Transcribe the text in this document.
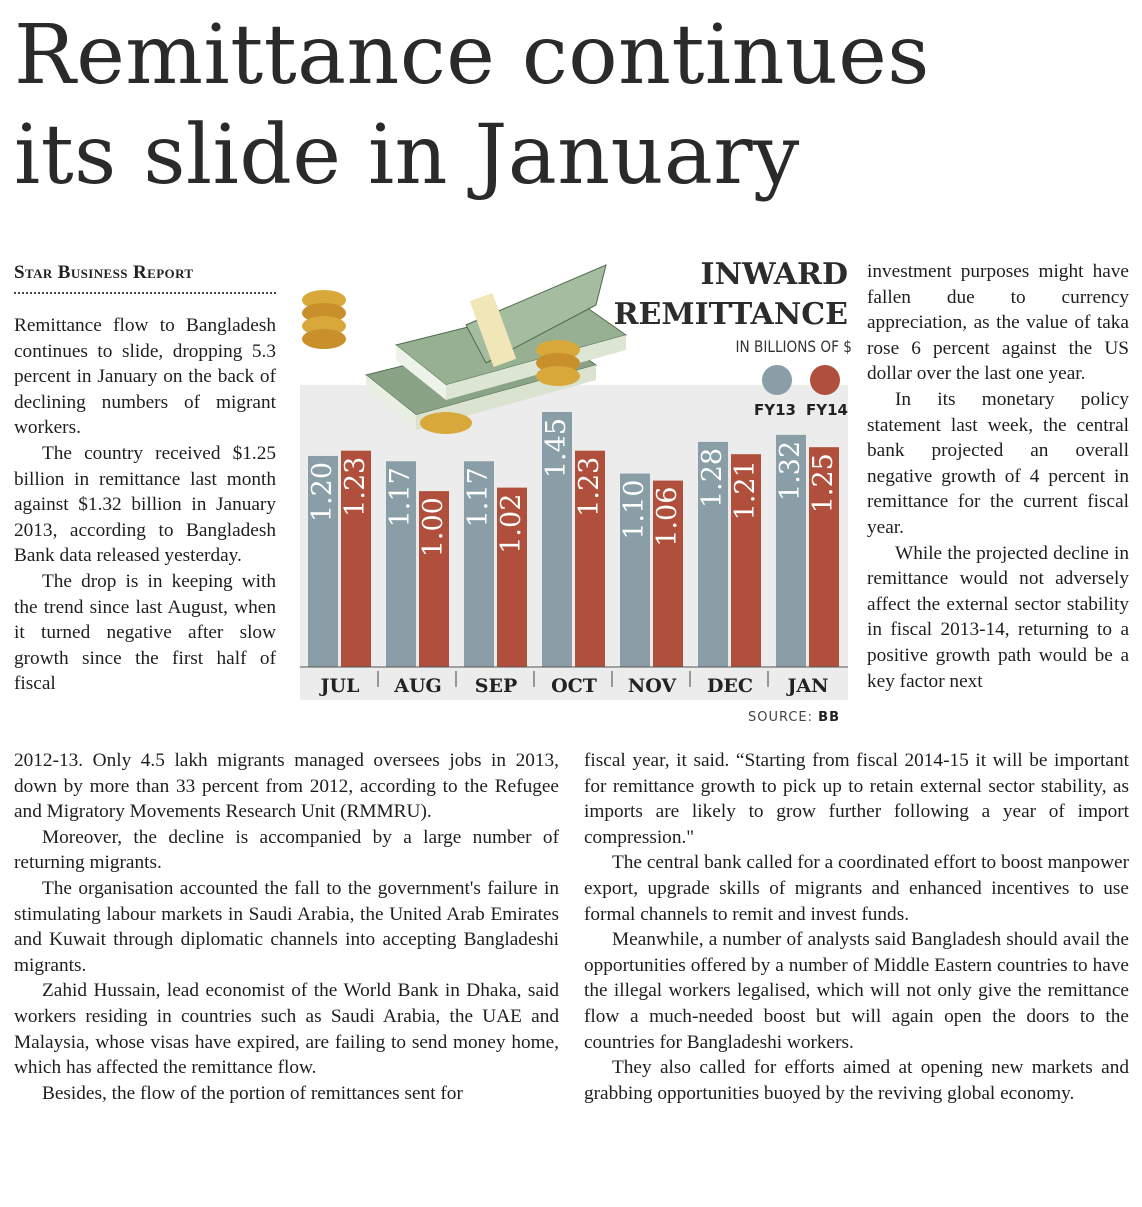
Remittance continues
its slide in January
Star Business Report

Remittance flow to Bangladesh continues to slide, dropping 5.3 percent in January on the back of declining numbers of migrant workers.

The country received $1.25 billion in remittance last month against $1.32 billion in January 2013, according to Bangladesh Bank data released yesterday.

The drop is in keeping with the trend since last August, when it turned negative after slow growth since the first half of fiscal

2012-13. Only 4.5 lakh migrants managed oversees jobs in 2013, down by more than 33 percent from 2012, according to the Refugee and Migratory Movements Research Unit (RMMRU).

Moreover, the decline is accompanied by a large number of returning migrants.

The organisation accounted the fall to the government's failure in stimulating labour markets in Saudi Arabia, the United Arab Emirates and Kuwait through diplomatic channels into accepting Bangladeshi migrants.

Zahid Hussain, lead economist of the World Bank in Dhaka, said workers residing in countries such as Saudi Arabia, the UAE and Malaysia, whose visas have expired, are failing to send money home, which has affected the remittance flow.

Besides, the flow of the portion of remittances sent for

investment purposes might have fallen due to currency appreciation, as the value of taka rose 6 percent against the US dollar over the last one year.

In its monetary policy statement last week, the central bank projected an overall negative growth of 4 percent in remittance for the current fiscal year.

While the projected decline in remittance would not adversely affect the external sector stability in fiscal 2013-14, returning to a positive growth path would be a key factor next

fiscal year, it said. “Starting from fiscal 2014-15 it will be important for remittance growth to pick up to retain external sector stability, as imports are likely to grow further following a year of import compression."

The central bank called for a coordinated effort to boost manpower export, upgrade skills of migrants and enhanced incentives to use formal channels to remit and invest funds.

Meanwhile, a number of analysts said Bangladesh should avail the opportunities offered by a number of Middle Eastern countries to have the illegal workers legalised, which will not only give the remittance flow a much-needed boost but will again open the doors to the countries for Bangladeshi workers.

They also called for efforts aimed at opening new markets and grabbing opportunities buoyed by the reviving global economy.

1.20 1.23 1.17 1.00 1.17 1.02
1.45
1.23 1.10 1.06
1.28 1.21 1.32 1.25
JUL AUG SEP OCT NOV DEC JAN
INWARD
REMITTANCE
IN BILLIONS OF $
FY13 FY14
SOURCE: BB
